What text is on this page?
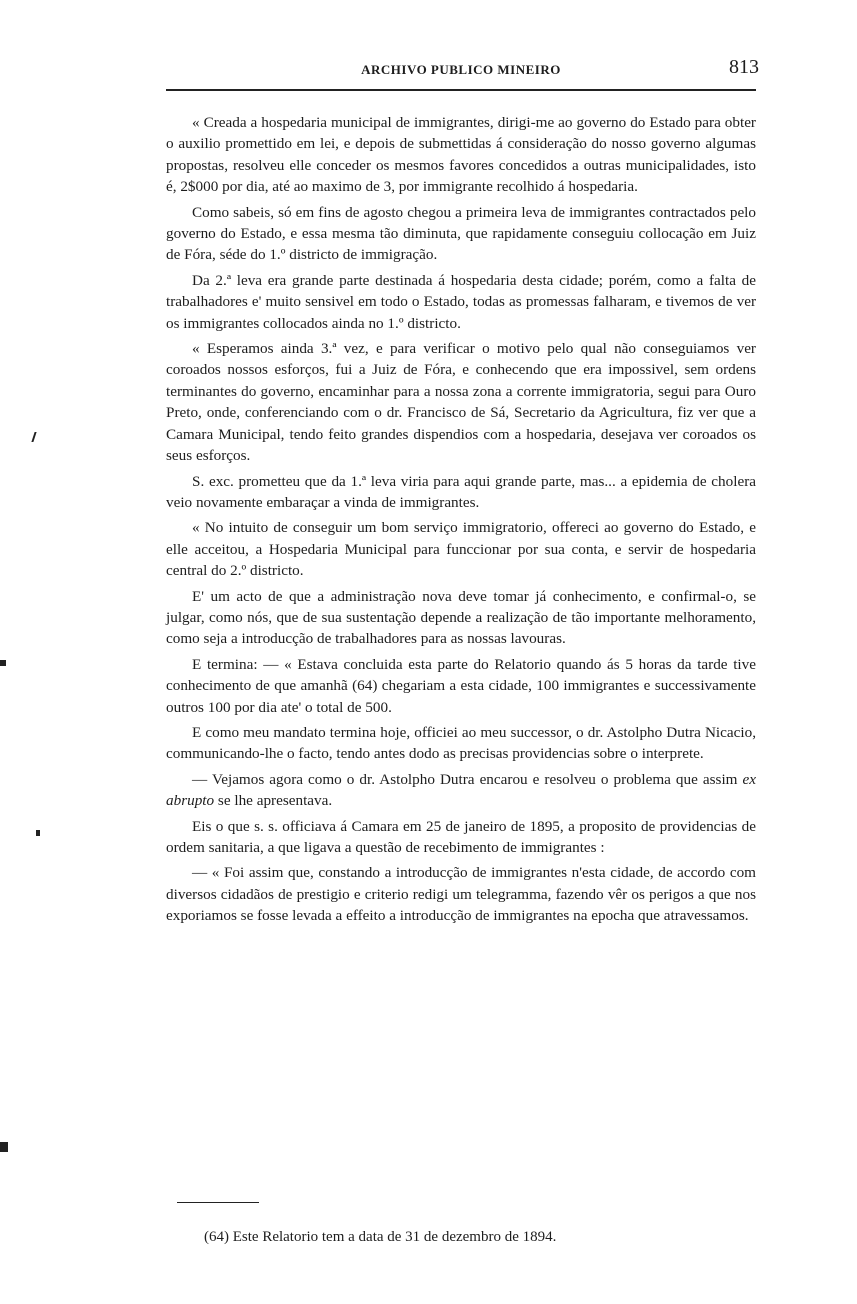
ARCHIVO PUBLICO MINEIRO	813

« Creada a hospedaria municipal de immigrantes, dirigi-me ao governo do Estado para obter o auxilio promettido em lei, e depois de submettidas á consideração do nosso governo algumas propostas, resolveu elle conceder os mesmos favores concedidos a outras municipalidades, isto é, 2$000 por dia, até ao maximo de 3, por immigrante recolhido á hospedaria.

Como sabeis, só em fins de agosto chegou a primeira leva de immigrantes contractados pelo governo do Estado, e essa mesma tão diminuta, que rapidamente conseguiu collocação em Juiz de Fóra, séde do 1.º districto de immigração.

Da 2.ª leva era grande parte destinada á hospedaria desta cidade; porém, como a falta de trabalhadores e' muito sensivel em todo o Estado, todas as promessas falharam, e tivemos de ver os immigrantes collocados ainda no 1.º districto.

« Esperamos ainda 3.ª vez, e para verificar o motivo pelo qual não conseguiamos ver coroados nossos esforços, fui a Juiz de Fóra, e conhecendo que era impossivel, sem ordens terminantes do governo, encaminhar para a nossa zona a corrente immigratoria, segui para Ouro Preto, onde, conferenciando com o dr. Francisco de Sá, Secretario da Agricultura, fiz ver que a Camara Municipal, tendo feito grandes dispendios com a hospedaria, desejava ver coroados os seus esforços.

S. exc. prometteu que da 1.ª leva viria para aqui grande parte, mas... a epidemia de cholera veio novamente embaraçar a vinda de immigrantes.

« No intuito de conseguir um bom serviço immigratorio, offereci ao governo do Estado, e elle acceitou, a Hospedaria Municipal para funccionar por sua conta, e servir de hospedaria central do 2.º districto.

E' um acto de que a administração nova deve tomar já conhecimento, e confirmal-o, se julgar, como nós, que de sua sustentação depende a realização de tão importante melhoramento, como seja a introducção de trabalhadores para as nossas lavouras.

E termina: — « Estava concluida esta parte do Relatorio quando ás 5 horas da tarde tive conhecimento de que amanhã (64) chegariam a esta cidade, 100 immigrantes e successivamente outros 100 por dia ate' o total de 500.

E como meu mandato termina hoje, officiei ao meu successor, o dr. Astolpho Dutra Nicacio, communicando-lhe o facto, tendo antes dodo as precisas providencias sobre o interprete.

— Vejamos agora como o dr. Astolpho Dutra encarou e resolveu o problema que assim ex abrupto se lhe apresentava.

Eis o que s. s. officiava á Camara em 25 de janeiro de 1895, a proposito de providencias de ordem sanitaria, a que ligava a questão de recebimento de immigrantes :

— « Foi assim que, constando a introducção de immigrantes n'esta cidade, de accordo com diversos cidadãos de prestigio e criterio redigi um telegramma, fazendo vêr os perigos a que nos exporiamos se fosse levada a effeito a introducção de immigrantes na epocha que atravessamos.

(64) Este Relatorio tem a data de 31 de dezembro de 1894.
